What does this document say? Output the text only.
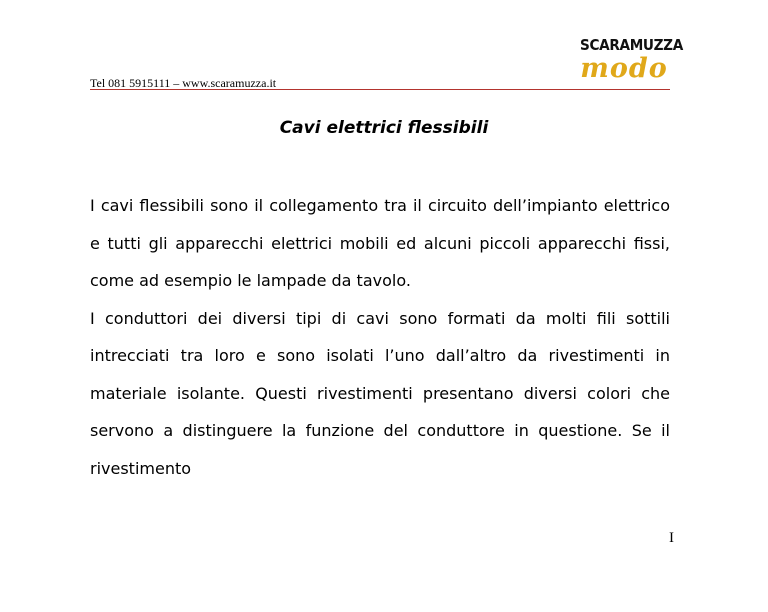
Tel 081 5915111 – www.scaramuzza.it
SCARAMUZZA
modo
Cavi elettrici flessibili

I cavi flessibili sono il collegamento tra il circuito dell’impianto elettrico e tutti gli apparecchi elettrici mobili ed alcuni piccoli apparecchi fissi, come ad esempio le lampade da tavolo.

I conduttori dei diversi tipi di cavi sono formati da molti fili sottili intrecciati tra loro e sono isolati l’uno dall’altro da rivestimenti in materiale isolante. Questi rivestimenti presentano diversi colori che servono a distinguere la funzione del conduttore in questione. Se il rivestimento

I
